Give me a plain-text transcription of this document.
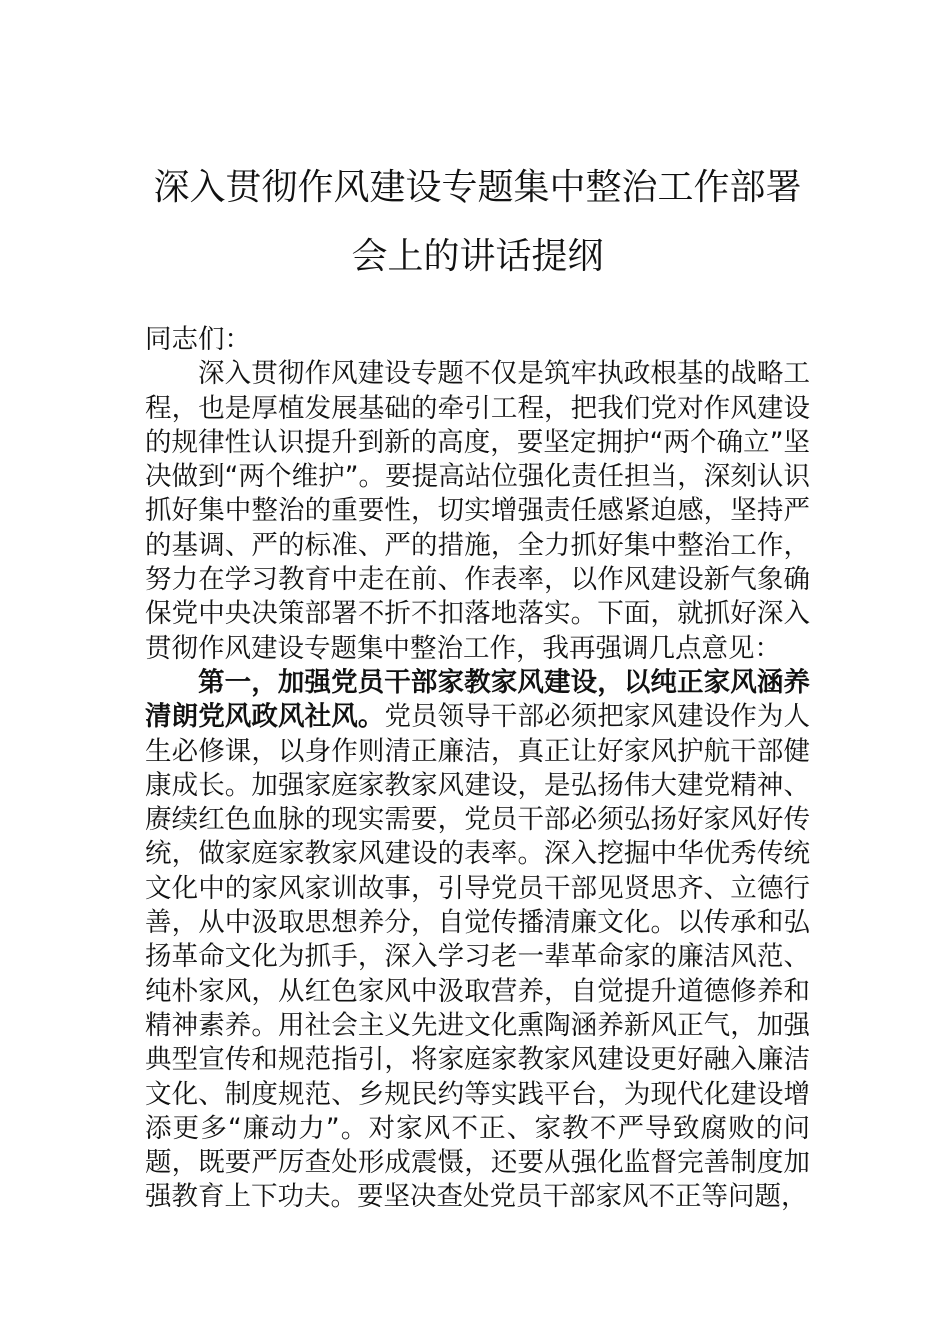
深入贯彻作风建设专题集中整治工作部署
会上的讲话提纲

同志们：

深入贯彻作风建设专题不仅是筑牢执政根基的战略工程，也是厚植发展基础的牵引工程，把我们党对作风建设的规律性认识提升到新的高度，要坚定拥护“两个确立”坚决做到“两个维护”。要提高站位强化责任担当，深刻认识抓好集中整治的重要性，切实增强责任感紧迫感，坚持严的基调、严的标准、严的措施，全力抓好集中整治工作，努力在学习教育中走在前、作表率，以作风建设新气象确保党中央决策部署不折不扣落地落实。下面，就抓好深入贯彻作风建设专题集中整治工作，我再强调几点意见：

第一，加强党员干部家教家风建设，以纯正家风涵养清朗党风政风社风。党员领导干部必须把家风建设作为人生必修课，以身作则清正廉洁，真正让好家风护航干部健康成长。加强家庭家教家风建设，是弘扬伟大建党精神、赓续红色血脉的现实需要，党员干部必须弘扬好家风好传统，做家庭家教家风建设的表率。深入挖掘中华优秀传统文化中的家风家训故事，引导党员干部见贤思齐、立德行善，从中汲取思想养分，自觉传播清廉文化。以传承和弘扬革命文化为抓手，深入学习老一辈革命家的廉洁风范、纯朴家风，从红色家风中汲取营养，自觉提升道德修养和精神素养。用社会主义先进文化熏陶涵养新风正气，加强典型宣传和规范指引，将家庭家教家风建设更好融入廉洁文化、制度规范、乡规民约等实践平台，为现代化建设增添更多“廉动力”。对家风不正、家教不严导致腐败的问题，既要严厉查处形成震慑，还要从强化监督完善制度加强教育上下功夫。要坚决查处党员干部家风不正等问题，
